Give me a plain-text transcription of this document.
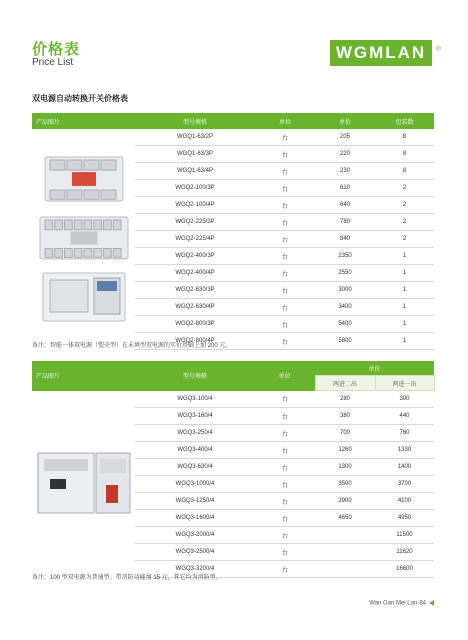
价格表
Price List
WGMLAN ®
双电源自动转换开关价格表
产品图片	型号规格	单位	单价	包装数

	WGQ1-63/2P	台	205	8
	WGQ1-63/3P	台	220	8
	WGQ1-63/4P	台	230	8
	WGQ2-100/3P	台	610	2
	WGQ2-100/4P	台	640	2
	WGQ2-225/3P	台	780	2
	WGQ2-225/4P	台	840	2
	WGQ2-400/3P	台	2350	1
	WGQ2-400/4P	台	2550	1
	WGQ2-630/3P	台	3000	1
	WGQ2-630/4P	台	3400	1
	WGQ2-800/3P	台	5400	1
	WGQ2-800/4P	台	5800	1
备注：智能一体双电源（塑壳型）在未填型双电源的实价基础上加 200 元。
产品图片	型号规格	单位	单价	
			两进二出	两进一出

	WGQ3-100/4	台	280	300
	WGQ3-160/4	台	380	440
	WGQ3-250/4	台	700	760
	WGQ3-400/4	台	1260	1330
	WGQ3-630/4	台	1300	1400
	WGQ3-1000/4	台	3500	3700
	WGQ3-1250/4	台	3900	4100
	WGQ3-1600/4	台	4650	4950
	WGQ3-2000/4	台		11500
	WGQ3-2500/4	台		11620
	WGQ3-3200/4	台		16600
备注：100 型双电源为普通型。带消防功能加 15 元，其它均为消防型。
Wan Gan Mei Lan-84
